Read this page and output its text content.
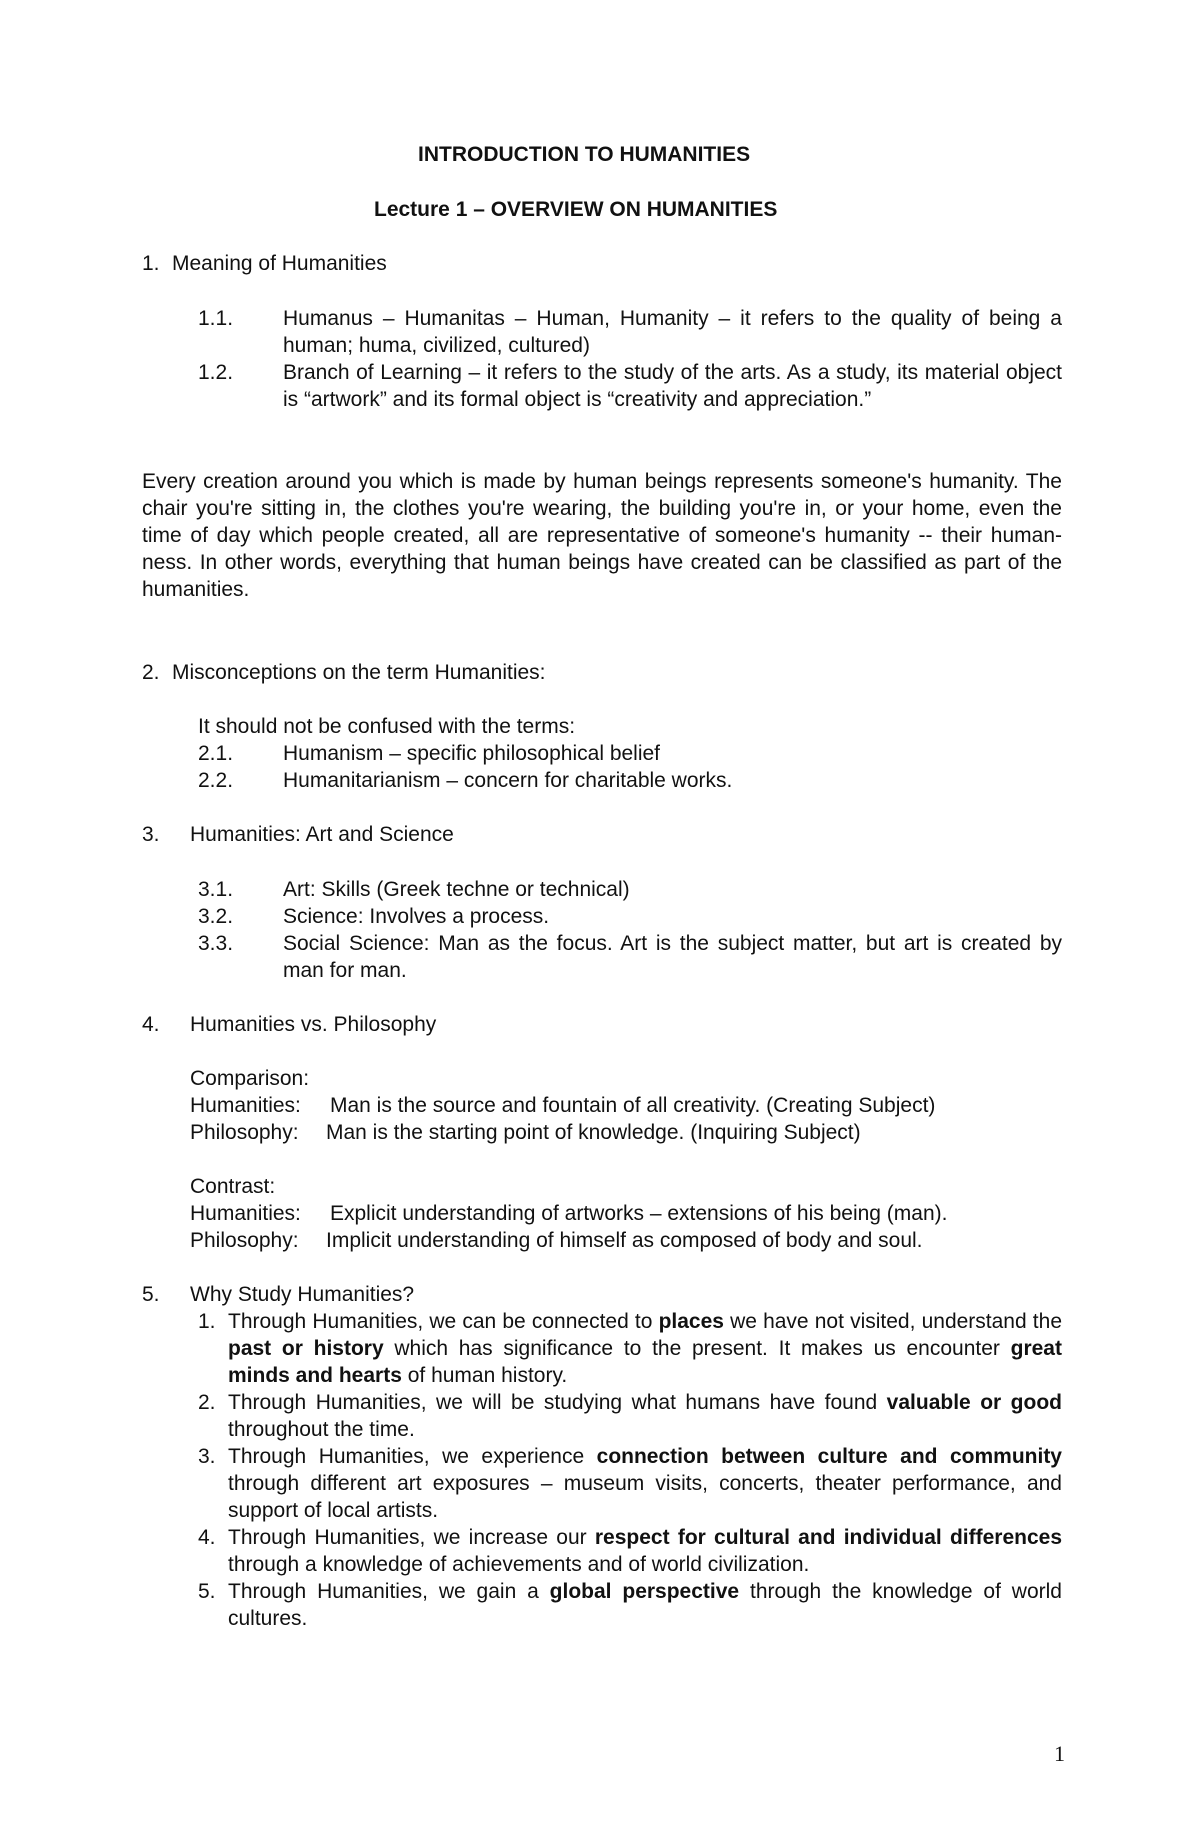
INTRODUCTION TO HUMANITIES
Lecture 1 – OVERVIEW ON HUMANITIES
1. Meaning of Humanities
1.1. Humanus – Humanitas – Human, Humanity – it refers to the quality of being a human; huma, civilized, cultured)
1.2. Branch of Learning – it refers to the study of the arts. As a study, its material object is “artwork” and its formal object is “creativity and appreciation.”
Every creation around you which is made by human beings represents someone's humanity. The chair you're sitting in, the clothes you're wearing, the building you're in, or your home, even the time of day which people created, all are representative of someone's humanity -- their human-ness. In other words, everything that human beings have created can be classified as part of the humanities.
2. Misconceptions on the term Humanities:
It should not be confused with the terms:
2.1. Humanism – specific philosophical belief
2.2. Humanitarianism – concern for charitable works.
3. Humanities: Art and Science
3.1. Art: Skills (Greek techne or technical)
3.2. Science: Involves a process.
3.3. Social Science: Man as the focus. Art is the subject matter, but art is created by man for man.
4. Humanities vs. Philosophy
Comparison:
Humanities: Man is the source and fountain of all creativity. (Creating Subject)
Philosophy: Man is the starting point of knowledge. (Inquiring Subject)
Contrast:
Humanities: Explicit understanding of artworks – extensions of his being (man).
Philosophy: Implicit understanding of himself as composed of body and soul.
5. Why Study Humanities?
1. Through Humanities, we can be connected to places we have not visited, understand the past or history which has significance to the present. It makes us encounter great minds and hearts of human history.
2. Through Humanities, we will be studying what humans have found valuable or good throughout the time.
3. Through Humanities, we experience connection between culture and community through different art exposures – museum visits, concerts, theater performance, and support of local artists.
4. Through Humanities, we increase our respect for cultural and individual differences through a knowledge of achievements and of world civilization.
5. Through Humanities, we gain a global perspective through the knowledge of world cultures.
1
